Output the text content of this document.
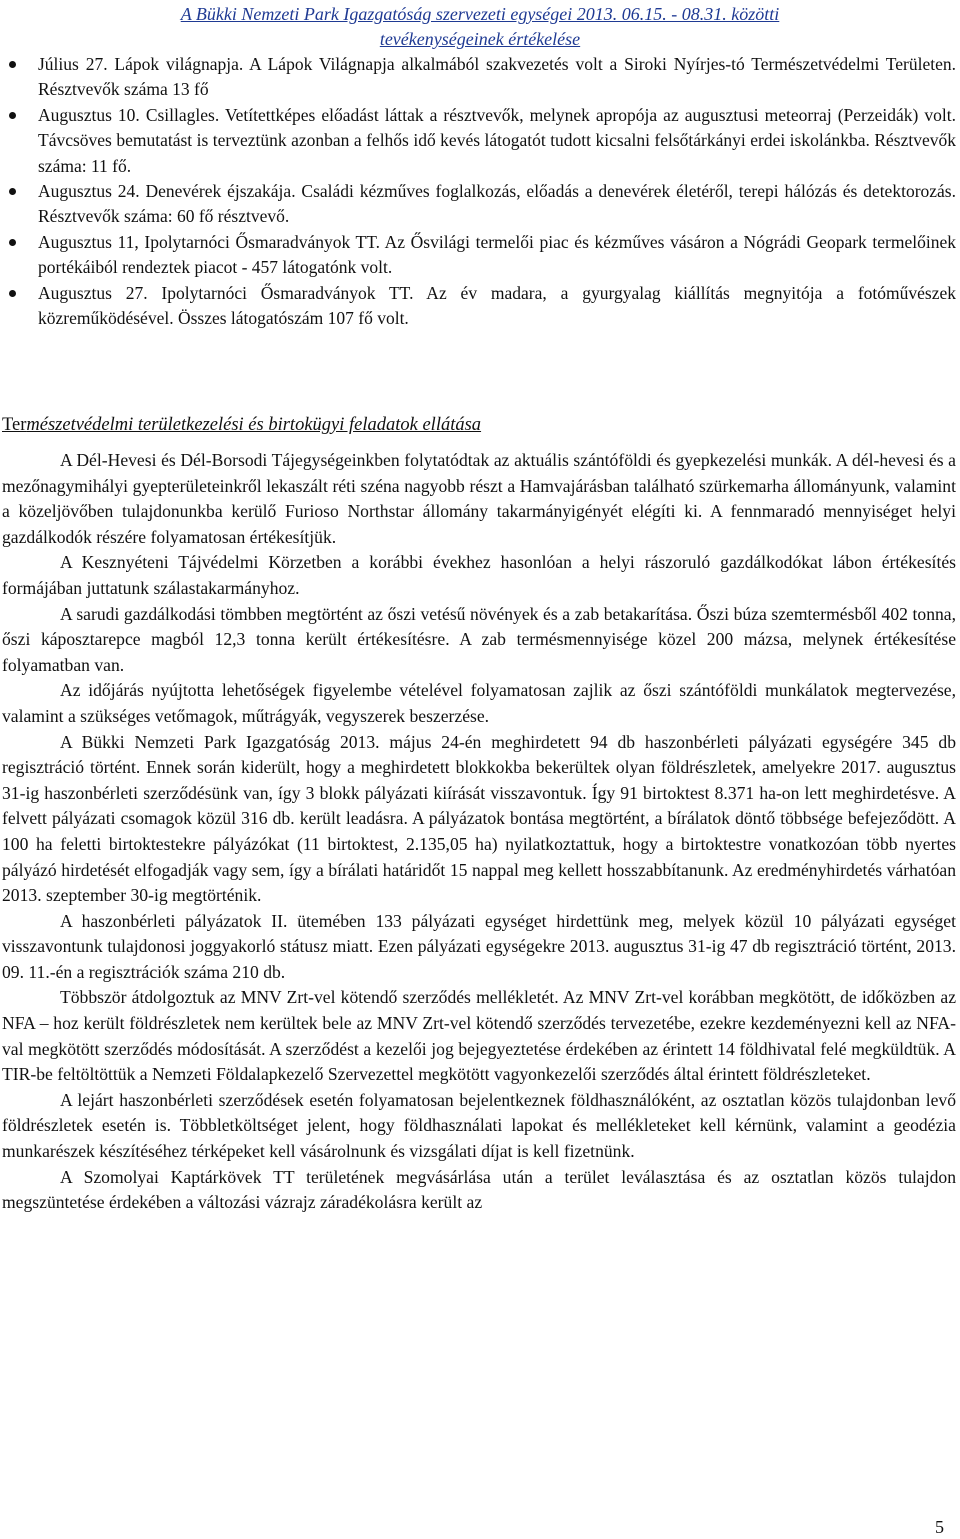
A Bükki Nemzeti Park Igazgatóság szervezeti egységei 2013. 06.15. - 08.31. közötti
tevékenységeinek értékelése
Július 27. Lápok világnapja. A Lápok Világnapja alkalmából szakvezetés volt a Siroki Nyírjes-tó Természetvédelmi Területen. Résztvevők száma 13 fő
Augusztus 10. Csillagles. Vetítettképes előadást láttak a résztvevők, melynek apropója az augusztusi meteorraj (Perzeidák) volt. Távcsöves bemutatást is terveztünk azonban a felhős idő kevés látogatót tudott kicsalni felsőtárkányi erdei iskolánkba. Résztvevők száma: 11 fő.
Augusztus 24. Denevérek éjszakája. Családi kézműves foglalkozás, előadás a denevérek életéről, terepi hálózás és detektorozás. Résztvevők száma: 60 fő résztvevő.
Augusztus 11, Ipolytarnóci Ősmaradványok TT. Az Ősvilági termelői piac és kézműves vásáron a Nógrádi Geopark termelőinek portékáiból rendeztek piacot - 457 látogatónk volt.
Augusztus 27. Ipolytarnóci Ősmaradványok TT. Az év madara, a gyurgyalag kiállítás megnyitója a fotóművészek közreműködésével. Összes látogatószám 107 fő volt.
Természetvédelmi területkezelési és birtokügyi feladatok ellátása

A Dél-Hevesi és Dél-Borsodi Tájegységeinkben folytatódtak az aktuális szántóföldi és gyepkezelési munkák. A dél-hevesi és a mezőnagymihályi gyepterületeinkről lekaszált réti széna nagyobb részt a Hamvajárásban található szürkemarha állományunk, valamint a közeljövőben tulajdonunkba kerülő Furioso Northstar állomány takarmányigényét elégíti ki. A fennmaradó mennyiséget helyi gazdálkodók részére folyamatosan értékesítjük.

A Kesznyéteni Tájvédelmi Körzetben a korábbi évekhez hasonlóan a helyi rászoruló gazdálkodókat lábon értékesítés formájában juttatunk szálastakarmányhoz.

A sarudi gazdálkodási tömbben megtörtént az őszi vetésű növények és a zab betakarítása. Őszi búza szemtermésből 402 tonna, őszi káposztarepce magból 12,3 tonna került értékesítésre. A zab termésmennyisége közel 200 mázsa, melynek értékesítése folyamatban van.

Az időjárás nyújtotta lehetőségek figyelembe vételével folyamatosan zajlik az őszi szántóföldi munkálatok megtervezése, valamint a szükséges vetőmagok, műtrágyák, vegyszerek beszerzése.

A Bükki Nemzeti Park Igazgatóság 2013. május 24-én meghirdetett 94 db haszonbérleti pályázati egységére 345 db regisztráció történt. Ennek során kiderült, hogy a meghirdetett blokkokba bekerültek olyan földrészletek, amelyekre 2017. augusztus 31-ig haszonbérleti szerződésünk van, így 3 blokk pályázati kiírását visszavontuk. Így 91 birtoktest 8.371 ha-on lett meghirdetésve. A felvett pályázati csomagok közül 316 db. került leadásra. A pályázatok bontása megtörtént, a bírálatok döntő többsége befejeződött. A 100 ha feletti birtoktestekre pályázókat (11 birtoktest, 2.135,05 ha) nyilatkoztattuk, hogy a birtoktestre vonatkozóan több nyertes pályázó hirdetését elfogadják vagy sem, így a bírálati határidőt 15 nappal meg kellett hosszabbítanunk. Az eredményhirdetés várhatóan 2013. szeptember 30-ig megtörténik.

A haszonbérleti pályázatok II. ütemében 133 pályázati egységet hirdettünk meg, melyek közül 10 pályázati egységet visszavontunk tulajdonosi joggyakorló státusz miatt. Ezen pályázati egységekre 2013. augusztus 31-ig 47 db regisztráció történt, 2013. 09. 11.-én a regisztrációk száma 210 db.

Többször átdolgoztuk az MNV Zrt-vel kötendő szerződés mellékletét. Az MNV Zrt-vel korábban megkötött, de időközben az NFA – hoz került földrészletek nem kerültek bele az MNV Zrt-vel kötendő szerződés tervezetébe, ezekre kezdeményezni kell az NFA-val megkötött szerződés módosítását. A szerződést a kezelői jog bejegyeztetése érdekében az érintett 14 földhivatal felé megküldtük. A TIR-be feltöltöttük a Nemzeti Földalapkezelő Szervezettel megkötött vagyonkezelői szerződés által érintett földrészleteket.

A lejárt haszonbérleti szerződések esetén folyamatosan bejelentkeznek földhasználóként, az osztatlan közös tulajdonban levő földrészletek esetén is. Többletköltséget jelent, hogy földhasználati lapokat és mellékleteket kell kérnünk, valamint a geodézia munkarészek készítéséhez térképeket kell vásárolnunk és vizsgálati díjat is kell fizetnünk.

A Szomolyai Kaptárkövek TT területének megvásárlása után a terület leválasztása és az osztatlan közös tulajdon megszüntetése érdekében a változási vázrajz záradékolásra került az

5
